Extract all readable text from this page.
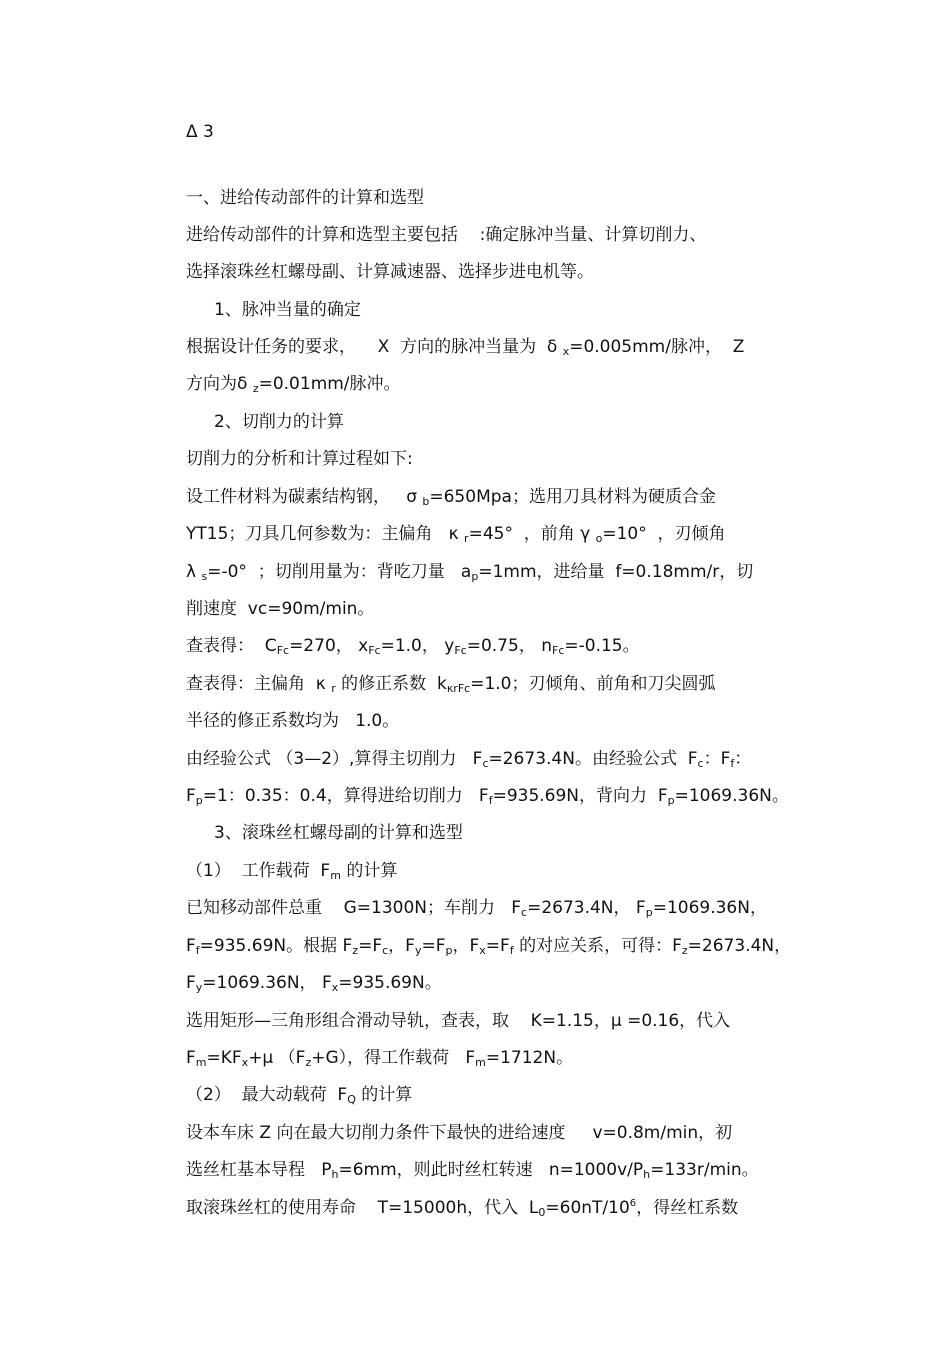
Δ 3
一、进给传动部件的计算和选型
进给传动部件的计算和选型主要包括    :确定脉冲当量、计算切削力、
选择滚珠丝杠螺母副、计算减速器、选择步进电机等。
1、脉冲当量的确定
根据设计任务的要求，    X  方向的脉冲当量为  δ $_x$=0.005mm/脉冲，  Z
方向为δ $_z$=0.01mm/脉冲。
2、切削力的计算
切削力的分析和计算过程如下:
设工件材料为碳素结构钢，   σ $_b$=650Mpa；选用刀具材料为硬质合金
YT15；刀具几何参数为：主偏角   κ $_r$=45°  ，前角 γ $_o$=10°  ，刃倾角
λ $_s$=-0°  ；切削用量为：背吃刀量   $a_p=1mm$，进给量  f=0.18mm/r，切
削速度  vc=90m/min。
查表得：  $C_{Fc}=270$， $x_{Fc}=1.0$， $y_{Fc}=0.75$， $n_{Fc}=-0.15$。
查表得：主偏角  κ $_r$ 的修正系数  $k_{\kappa rFc}=1.0$；刃倾角、前角和刀尖圆弧
半径的修正系数均为   1.0。
由经验公式 （3—2）,算得主切削力   $F_c=2673.4N$。由经验公式  $F_c$：$F_f$：
$F_p=1$：0.35：0.4，算得进给切削力   $F_f=935.69N$，背向力  $F_p=1069.36N$。
3、滚珠丝杠螺母副的计算和选型
（1）  工作载荷  $F_m$ 的计算
已知移动部件总重    G=1300N；车削力   $F_c=2673.4N$， $F_p=1069.36N$，
$F_f=935.69N$。根据 $F_z=F_c$，$F_y=F_p$，$F_x=F_f$ 的对应关系，可得：$F_z=2673.4N$，
$F_y=1069.36N$， $F_x=935.69N$。
选用矩形—三角形组合滑动导轨，查表，取    K=1.15，μ =0.16，代入
$F_m=KF_x+\mu$ $(F_z+G)$，得工作载荷   $F_m=1712N$。
（2）  最大动载荷  $F_Q$ 的计算
设本车床 Z 向在最大切削力条件下最快的进给速度     v=0.8m/min，初
选丝杠基本导程   $P_h=6mm$，则此时丝杠转速   $n=1000v/P_h=133r/\min$。
取滚珠丝杠的使用寿命    T=15000h，代入  $L_0=60nT/10^6$，得丝杠系数
